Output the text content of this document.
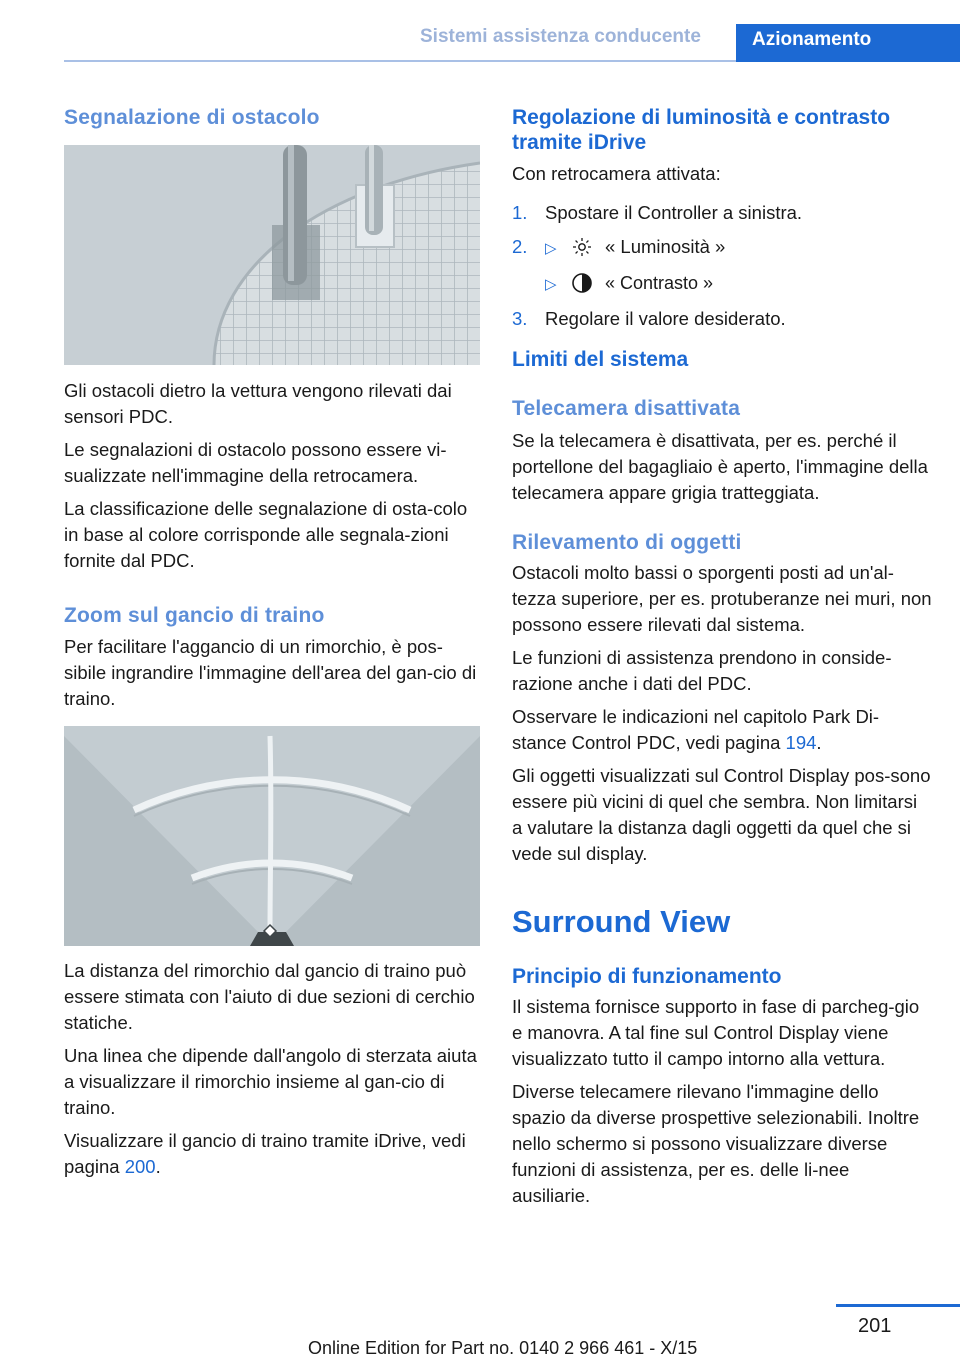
Sistemi assistenza conducente	Azionamento
Segnalazione di ostacolo

Gli ostacoli dietro la vettura vengono rilevati dai sensori PDC.

Le segnalazioni di ostacolo possono essere vi‐sualizzate nell'immagine della retrocamera.

La classificazione delle segnalazione di osta‐colo in base al colore corrisponde alle segnala‐zioni fornite dal PDC.

Zoom sul gancio di traino

Per facilitare l'aggancio di un rimorchio, è pos‐sibile ingrandire l'immagine dell'area del gan‐cio di traino.

La distanza del rimorchio dal gancio di traino può essere stimata con l'aiuto di due sezioni di cerchio statiche.

Una linea che dipende dall'angolo di sterzata aiuta a visualizzare il rimorchio insieme al gan‐cio di traino.

Visualizzare il gancio di traino tramite iDrive, vedi pagina 200.

Regolazione di luminosità e contrasto tramite iDrive

Con retrocamera attivata:

1. Spostare il Controller a sinistra.
2. ▷	« Luminosità »
▷	« Contrasto »
3. Regolare il valore desiderato.
Limiti del sistema
Telecamera disattivata

Se la telecamera è disattivata, per es. perché il portellone del bagagliaio è aperto, l'immagine della telecamera appare grigia tratteggiata.

Rilevamento di oggetti

Ostacoli molto bassi o sporgenti posti ad un'al‐tezza superiore, per es. protuberanze nei muri, non possono essere rilevati dal sistema.

Le funzioni di assistenza prendono in conside‐razione anche i dati del PDC.

Osservare le indicazioni nel capitolo Park Di‐stance Control PDC, vedi pagina 194.

Gli oggetti visualizzati sul Control Display pos‐sono essere più vicini di quel che sembra. Non limitarsi a valutare la distanza dagli oggetti da quel che si vede sul display.

Surround View
Principio di funzionamento

Il sistema fornisce supporto in fase di parcheg‐gio e manovra. A tal fine sul Control Display viene visualizzato tutto il campo intorno alla vettura.

Diverse telecamere rilevano l'immagine dello spazio da diverse prospettive selezionabili. Inoltre nello schermo si possono visualizzare diverse funzioni di assistenza, per es. delle li‐nee ausiliarie.

201
Online Edition for Part no. 0140 2 966 461 - X/15
